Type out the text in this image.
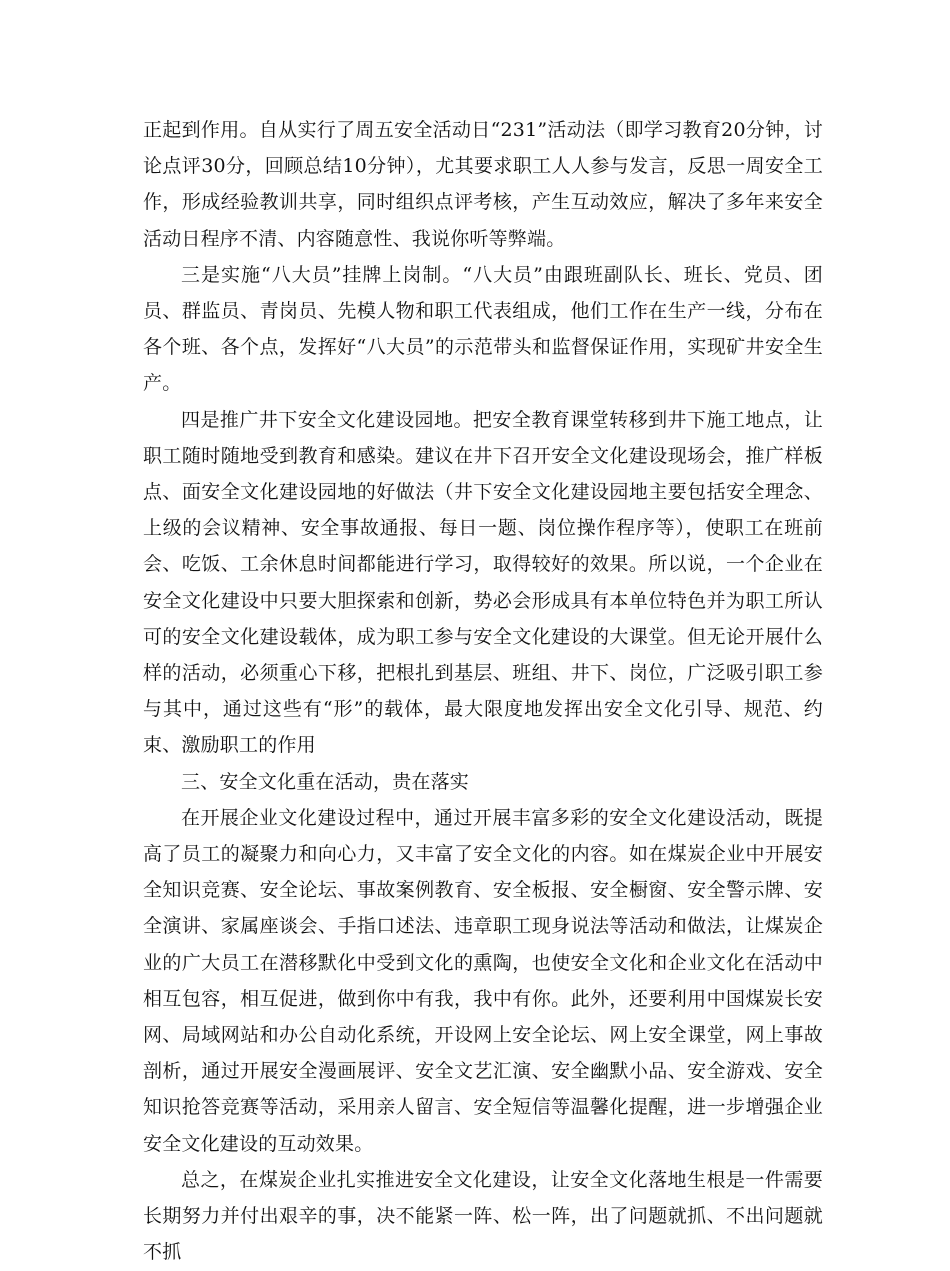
正起到作用。自从实行了周五安全活动日“231”活动法（即学习教育20分钟，讨论点评30分，回顾总结10分钟），尤其要求职工人人参与发言，反思一周安全工作，形成经验教训共享，同时组织点评考核，产生互动效应，解决了多年来安全活动日程序不清、内容随意性、我说你听等弊端。

三是实施“八大员”挂牌上岗制。“八大员”由跟班副队长、班长、党员、团员、群监员、青岗员、先模人物和职工代表组成，他们工作在生产一线，分布在各个班、各个点，发挥好“八大员”的示范带头和监督保证作用，实现矿井安全生产。

四是推广井下安全文化建设园地。把安全教育课堂转移到井下施工地点，让职工随时随地受到教育和感染。建议在井下召开安全文化建设现场会，推广样板点、面安全文化建设园地的好做法（井下安全文化建设园地主要包括安全理念、上级的会议精神、安全事故通报、每日一题、岗位操作程序等），使职工在班前会、吃饭、工余休息时间都能进行学习，取得较好的效果。所以说，一个企业在安全文化建设中只要大胆探索和创新，势必会形成具有本单位特色并为职工所认可的安全文化建设载体，成为职工参与安全文化建设的大课堂。但无论开展什么样的活动，必须重心下移，把根扎到基层、班组、井下、岗位，广泛吸引职工参与其中，通过这些有“形”的载体，最大限度地发挥出安全文化引导、规范、约束、激励职工的作用

三、安全文化重在活动，贵在落实

在开展企业文化建设过程中，通过开展丰富多彩的安全文化建设活动，既提高了员工的凝聚力和向心力，又丰富了安全文化的内容。如在煤炭企业中开展安全知识竞赛、安全论坛、事故案例教育、安全板报、安全橱窗、安全警示牌、安全演讲、家属座谈会、手指口述法、违章职工现身说法等活动和做法，让煤炭企业的广大员工在潜移默化中受到文化的熏陶，也使安全文化和企业文化在活动中相互包容，相互促进，做到你中有我，我中有你。此外，还要利用中国煤炭长安网、局域网站和办公自动化系统，开设网上安全论坛、网上安全课堂，网上事故剖析，通过开展安全漫画展评、安全文艺汇演、安全幽默小品、安全游戏、安全知识抢答竞赛等活动，采用亲人留言、安全短信等温馨化提醒，进一步增强企业安全文化建设的互动效果。

总之，在煤炭企业扎实推进安全文化建设，让安全文化落地生根是一件需要长期努力并付出艰辛的事，决不能紧一阵、松一阵，出了问题就抓、不出问题就不抓
